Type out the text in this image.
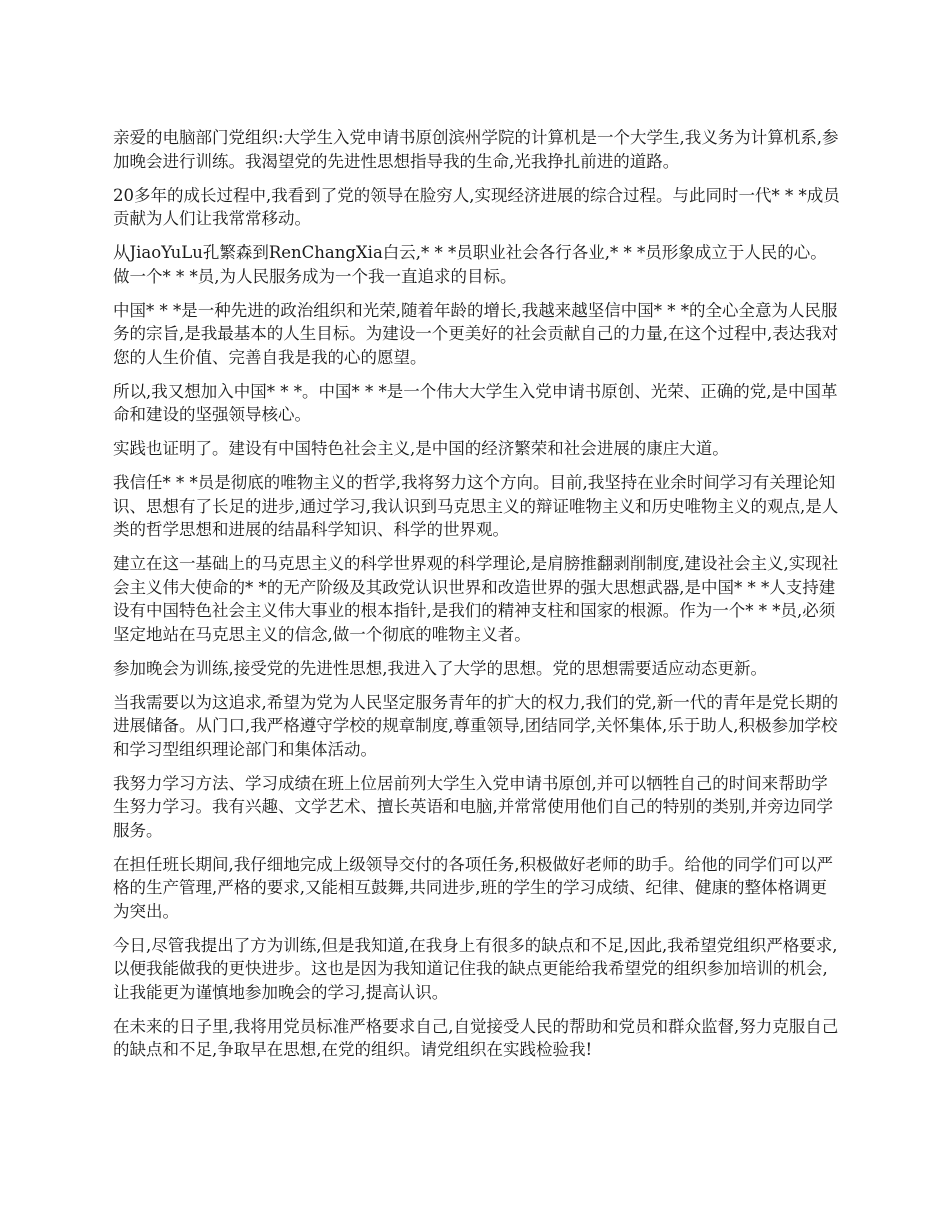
亲爱的电脑部门党组织:大学生入党申请书原创滨州学院的计算机是一个大学生,我义务为计算机系,参加晚会进行训练。我渴望党的先进性思想指导我的生命,光我挣扎前进的道路。

20多年的成长过程中,我看到了党的领导在脸穷人,实现经济进展的综合过程。与此同时一代* * *成员贡献为人们让我常常移动。

从JiaoYuLu孔繁森到RenChangXia白云,* * *员职业社会各行各业,* * *员形象成立于人民的心。做一个* * *员,为人民服务成为一个我一直追求的目标。

中国* * *是一种先进的政治组织和光荣,随着年龄的增长,我越来越坚信中国* * *的全心全意为人民服务的宗旨,是我最基本的人生目标。为建设一个更美好的社会贡献自己的力量,在这个过程中,表达我对您的人生价值、完善自我是我的心的愿望。

所以,我又想加入中国* * *。中国* * *是一个伟大大学生入党申请书原创、光荣、正确的党,是中国革命和建设的坚强领导核心。

实践也证明了。建设有中国特色社会主义,是中国的经济繁荣和社会进展的康庄大道。

我信任* * *员是彻底的唯物主义的哲学,我将努力这个方向。目前,我坚持在业余时间学习有关理论知识、思想有了长足的进步,通过学习,我认识到马克思主义的辩证唯物主义和历史唯物主义的观点,是人类的哲学思想和进展的结晶科学知识、科学的世界观。

建立在这一基础上的马克思主义的科学世界观的科学理论,是肩膀推翻剥削制度,建设社会主义,实现社会主义伟大使命的* *的无产阶级及其政党认识世界和改造世界的强大思想武器,是中国* * *人支持建设有中国特色社会主义伟大事业的根本指针,是我们的精神支柱和国家的根源。作为一个* * *员,必须坚定地站在马克思主义的信念,做一个彻底的唯物主义者。

参加晚会为训练,接受党的先进性思想,我进入了大学的思想。党的思想需要适应动态更新。

当我需要以为这追求,希望为党为人民坚定服务青年的扩大的权力,我们的党,新一代的青年是党长期的进展储备。从门口,我严格遵守学校的规章制度,尊重领导,团结同学,关怀集体,乐于助人,积极参加学校和学习型组织理论部门和集体活动。

我努力学习方法、学习成绩在班上位居前列大学生入党申请书原创,并可以牺牲自己的时间来帮助学生努力学习。我有兴趣、文学艺术、擅长英语和电脑,并常常使用他们自己的特别的类别,并旁边同学服务。

在担任班长期间,我仔细地完成上级领导交付的各项任务,积极做好老师的助手。给他的同学们可以严格的生产管理,严格的要求,又能相互鼓舞,共同进步,班的学生的学习成绩、纪律、健康的整体格调更为突出。

今日,尽管我提出了方为训练,但是我知道,在我身上有很多的缺点和不足,因此,我希望党组织严格要求,以便我能做我的更快进步。这也是因为我知道记住我的缺点更能给我希望党的组织参加培训的机会,让我能更为谨慎地参加晚会的学习,提高认识。

在未来的日子里,我将用党员标准严格要求自己,自觉接受人民的帮助和党员和群众监督,努力克服自己的缺点和不足,争取早在思想,在党的组织。请党组织在实践检验我!
